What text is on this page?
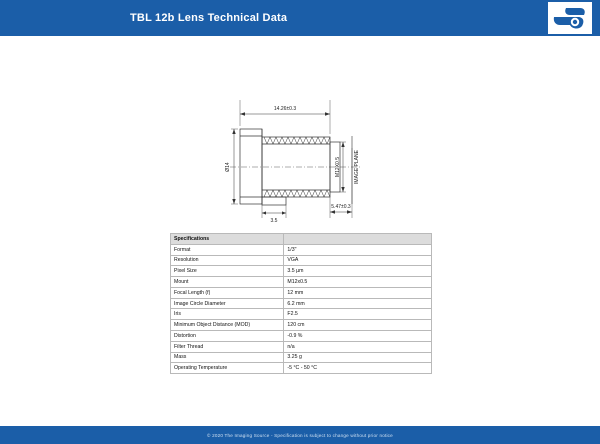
TBL 12b Lens Technical Data
14.26±0.3
5.47±0.3
3.5
Ø14	M12X0.5	IMAGE PLANE
Specifications	
Format	1/3"
Resolution	VGA
Pixel Size	3.5 µm
Mount	M12x0.5
Focal Length (f)	12 mm
Image Circle Diameter	6.2 mm
Iris	F2.5
Minimum Object Distance (MOD)	120 cm
Distortion	-0.9 %
Filter Thread	n/a
Mass	3.25 g
Operating Temperature	-5 °C - 50 °C
© 2020 The Imaging Source - Specification is subject to change without prior notice
